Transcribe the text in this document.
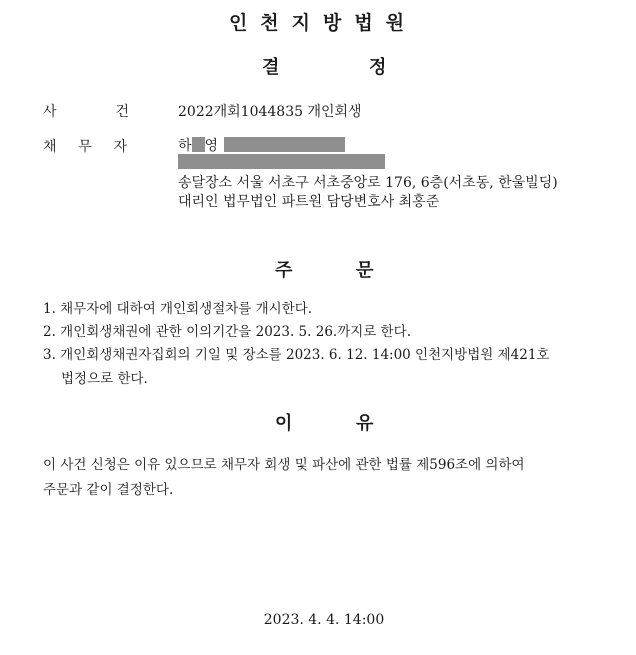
인천지방법원
결	정
사	건	2022개회1044835 개인회생
채 무 자	하 영
송달장소 서울 서초구 서초중앙로 176, 6층(서초동, 한울빌딩)
대리인 법무법인 파트원 담당변호사 최홍준
주	문
1. 채무자에 대하여 개인회생절차를 개시한다.
2. 개인회생채권에 관한 이의기간을 2023. 5. 26.까지로 한다.
3. 개인회생채권자집회의 기일 및 장소를 2023. 6. 12. 14:00 인천지방법원 제421호
법정으로 한다.
이	유
이 사건 신청은 이유 있으므로 채무자 회생 및 파산에 관한 법률 제596조에 의하여
주문과 같이 결정한다.
2023. 4. 4. 14:00
